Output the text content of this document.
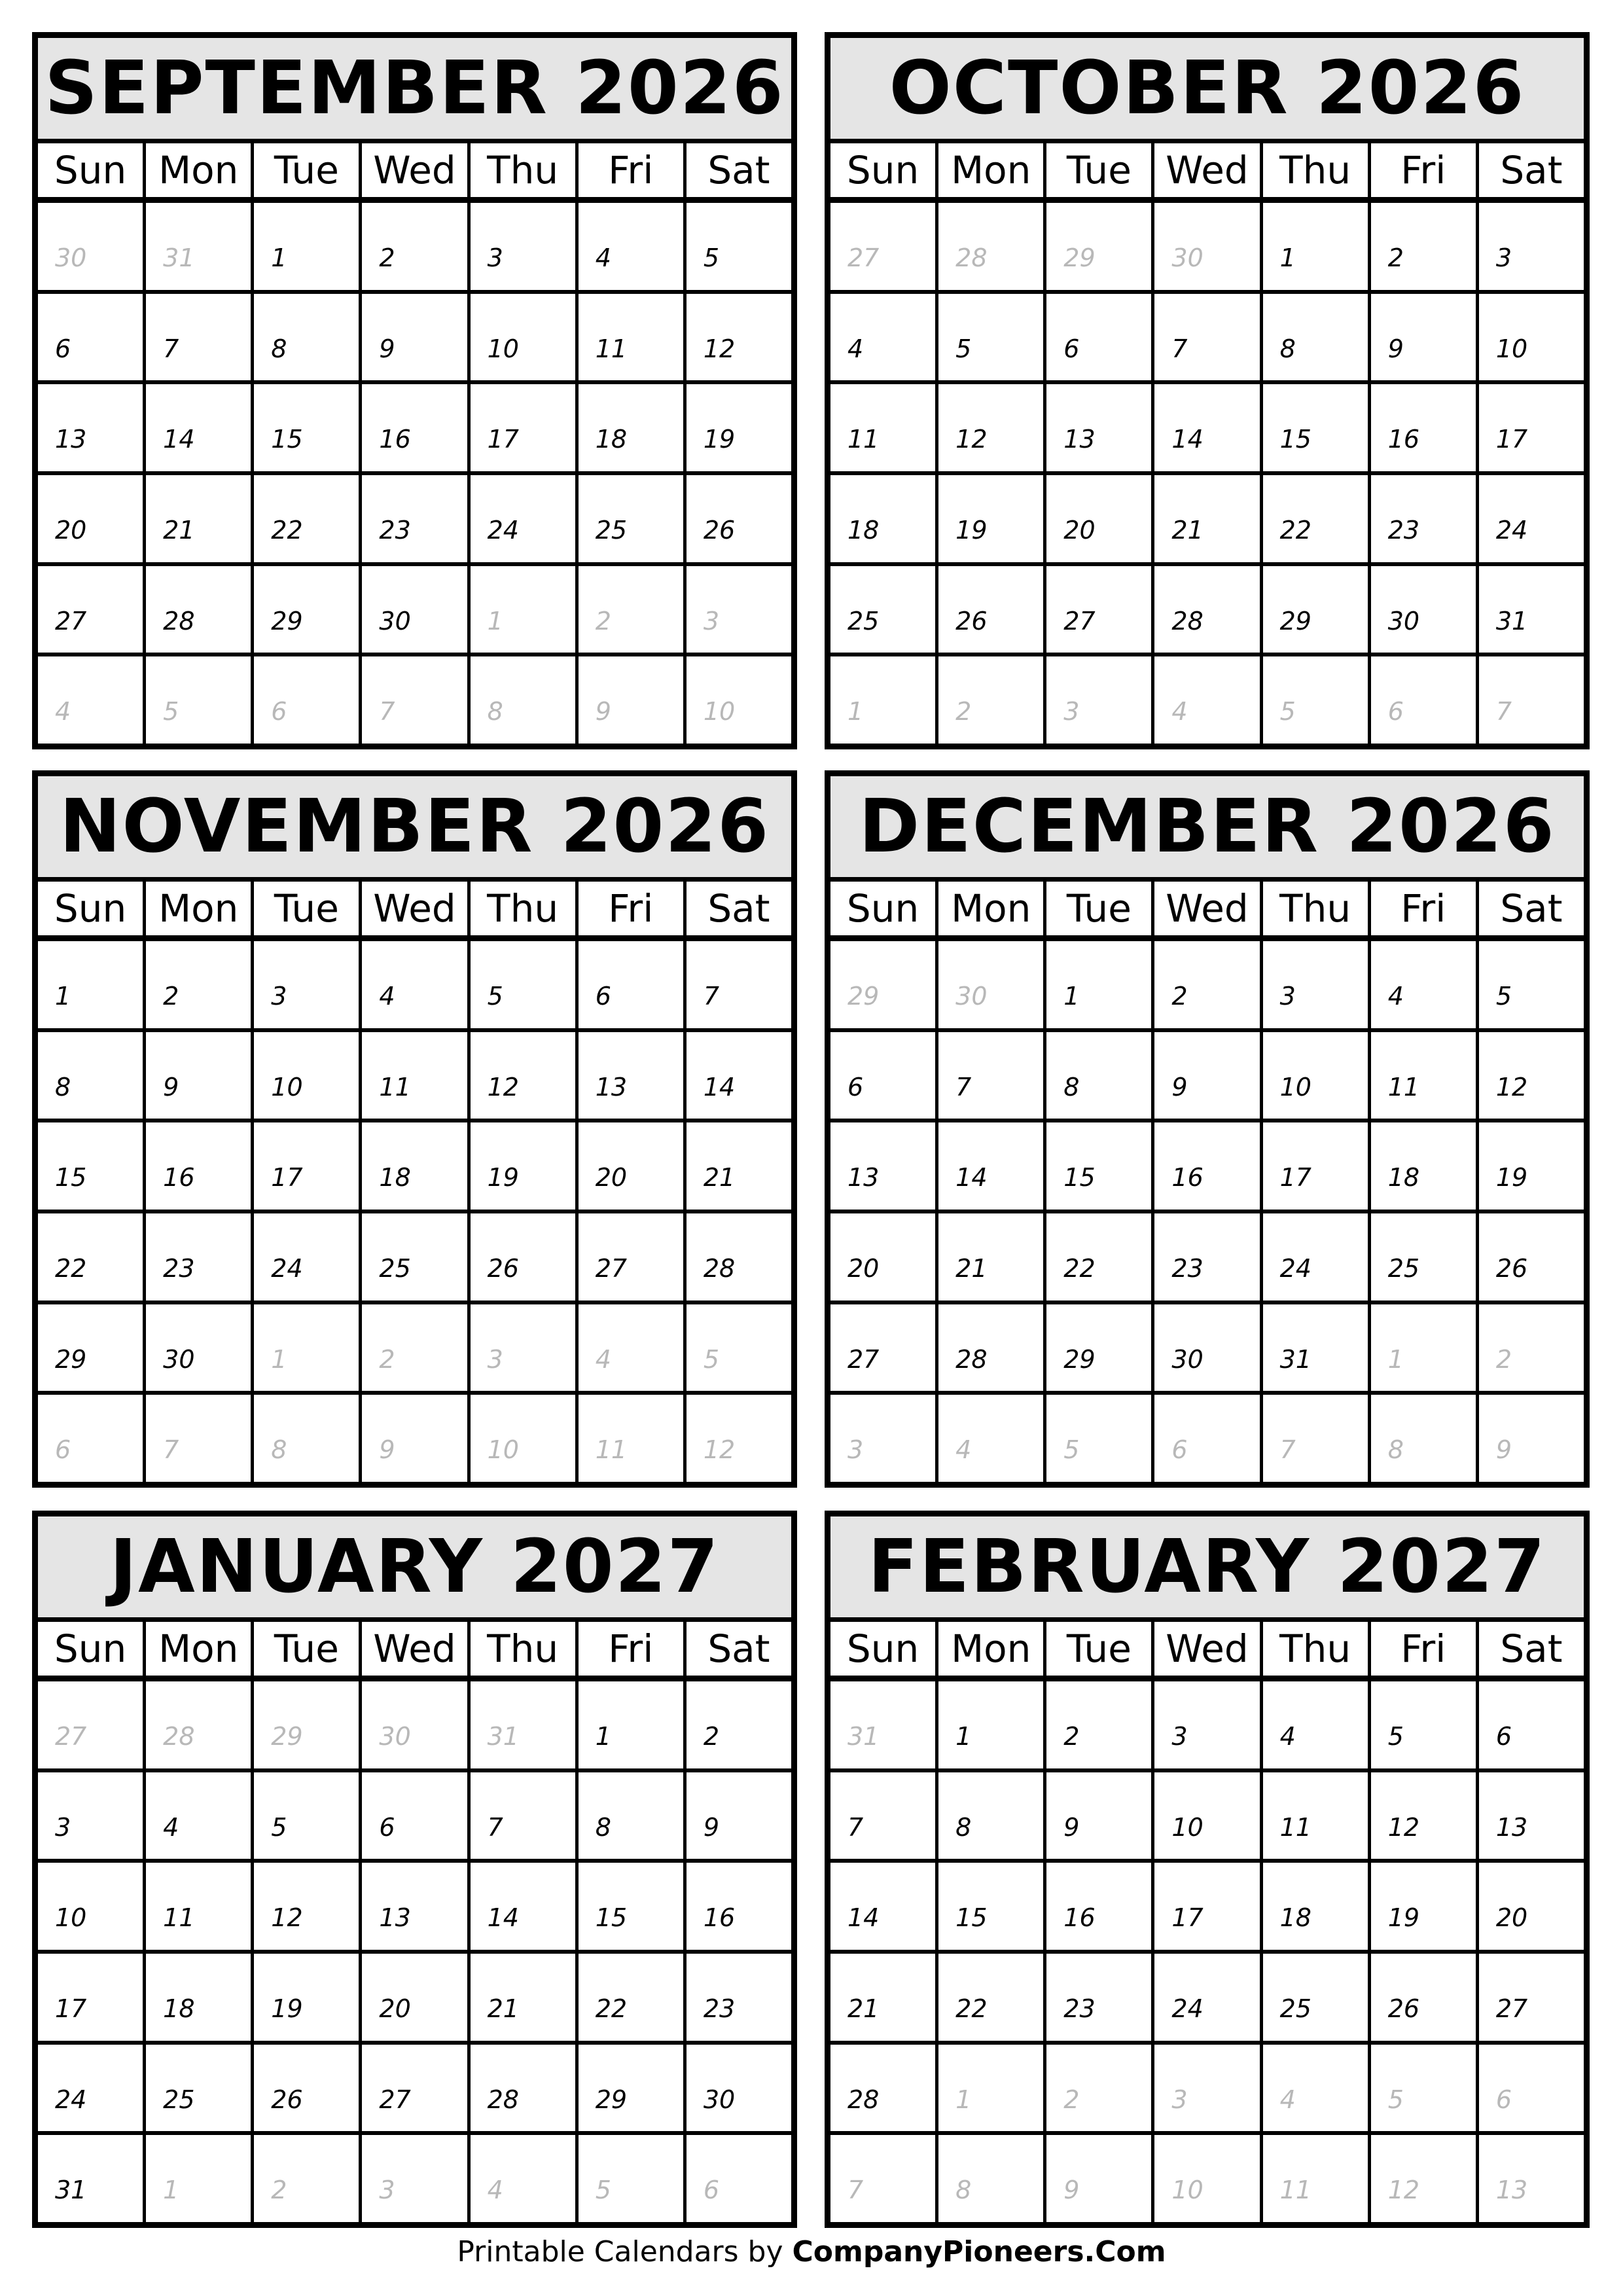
SEPTEMBER 2026
Sun Mon Tue Wed Thu	Fri	Sat
30	31	1	2	3	4	5
6	7	8	9	10	11	12
13	14	15	16	17	18	19
20	21	22	23	24	25	26
27	28	29	30	1	2	3
4	5	6	7	8	9	10
OCTOBER 2026
Sun Mon Tue Wed Thu	Fri	Sat
27	28	29	30	1	2	3
4	5	6	7	8	9	10
11	12	13	14	15	16	17
18	19	20	21	22	23	24
25	26	27	28	29	30	31
1	2	3	4	5	6	7
NOVEMBER 2026
Sun Mon Tue Wed Thu	Fri	Sat
1	2	3	4	5	6	7
8	9	10	11	12	13	14
15	16	17	18	19	20	21
22	23	24	25	26	27	28
29	30	1	2	3	4	5
6	7	8	9	10	11	12
DECEMBER 2026
Sun Mon Tue Wed Thu	Fri	Sat
29	30	1	2	3	4	5
6	7	8	9	10	11	12
13	14	15	16	17	18	19
20	21	22	23	24	25	26
27	28	29	30	31	1	2
3	4	5	6	7	8	9
JANUARY 2027
Sun Mon Tue Wed Thu	Fri	Sat
27	28	29	30	31	1	2
3	4	5	6	7	8	9
10	11	12	13	14	15	16
17	18	19	20	21	22	23
24	25	26	27	28	29	30
31	1	2	3	4	5	6
FEBRUARY 2027
Sun Mon Tue Wed Thu	Fri	Sat
31	1	2	3	4	5	6
7	8	9	10	11	12	13
14	15	16	17	18	19	20
21	22	23	24	25	26	27
28	1	2	3	4	5	6
7	8	9	10	11	12	13
Printable Calendars by CompanyPioneers.Com
